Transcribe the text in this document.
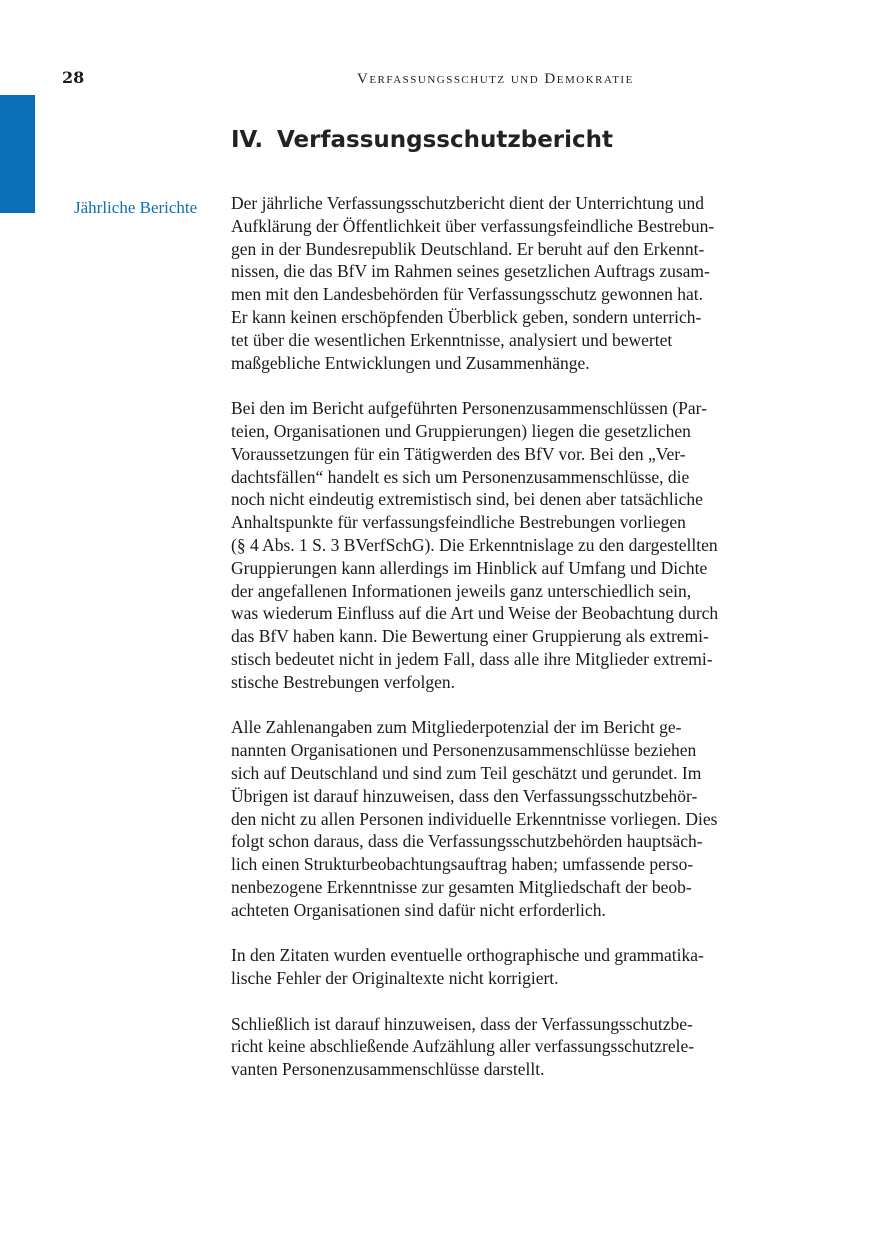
28	Verfassungsschutz und Demokratie
IV. Verfassungsschutzbericht
Jährliche Berichte Der jährliche Verfassungsschutzbericht dient der Unterrichtung und
Aufklärung der Öffentlichkeit über verfassungsfeindliche Bestrebun-
gen in der Bundesrepublik Deutschland. Er beruht auf den Erkennt-
nissen, die das BfV im Rahmen seines gesetzlichen Auftrags zusam-
men mit den Landesbehörden für Verfassungsschutz gewonnen hat.
Er kann keinen erschöpfenden Überblick geben, sondern unterrich-
tet über die wesentlichen Erkenntnisse, analysiert und bewertet
maßgebliche Entwicklungen und Zusammenhänge.

Bei den im Bericht aufgeführten Personenzusammenschlüssen (Par-
teien, Organisationen und Gruppierungen) liegen die gesetzlichen
Voraussetzungen für ein Tätigwerden des BfV vor. Bei den „Ver-
dachtsfällen“ handelt es sich um Personenzusammenschlüsse, die
noch nicht eindeutig extremistisch sind, bei denen aber tatsächliche
Anhaltspunkte für verfassungsfeindliche Bestrebungen vorliegen
(§ 4 Abs. 1 S. 3 BVerfSchG). Die Erkenntnislage zu den dargestellten
Gruppierungen kann allerdings im Hinblick auf Umfang und Dichte
der angefallenen Informationen jeweils ganz unterschiedlich sein,
was wiederum Einfluss auf die Art und Weise der Beobachtung durch
das BfV haben kann. Die Bewertung einer Gruppierung als extremi-
stisch bedeutet nicht in jedem Fall, dass alle ihre Mitglieder extremi-
stische Bestrebungen verfolgen.

Alle Zahlenangaben zum Mitgliederpotenzial der im Bericht ge-
nannten Organisationen und Personenzusammenschlüsse beziehen
sich auf Deutschland und sind zum Teil geschätzt und gerundet. Im
Übrigen ist darauf hinzuweisen, dass den Verfassungsschutzbehör-
den nicht zu allen Personen individuelle Erkenntnisse vorliegen. Dies
folgt schon daraus, dass die Verfassungsschutzbehörden hauptsäch-
lich einen Strukturbeobachtungsauftrag haben; umfassende perso-
nenbezogene Erkenntnisse zur gesamten Mitgliedschaft der beob-
achteten Organisationen sind dafür nicht erforderlich.

In den Zitaten wurden eventuelle orthographische und grammatika-
lische Fehler der Originaltexte nicht korrigiert.

Schließlich ist darauf hinzuweisen, dass der Verfassungsschutzbe-
richt keine abschließende Aufzählung aller verfassungsschutzrele-
vanten Personenzusammenschlüsse darstellt.
